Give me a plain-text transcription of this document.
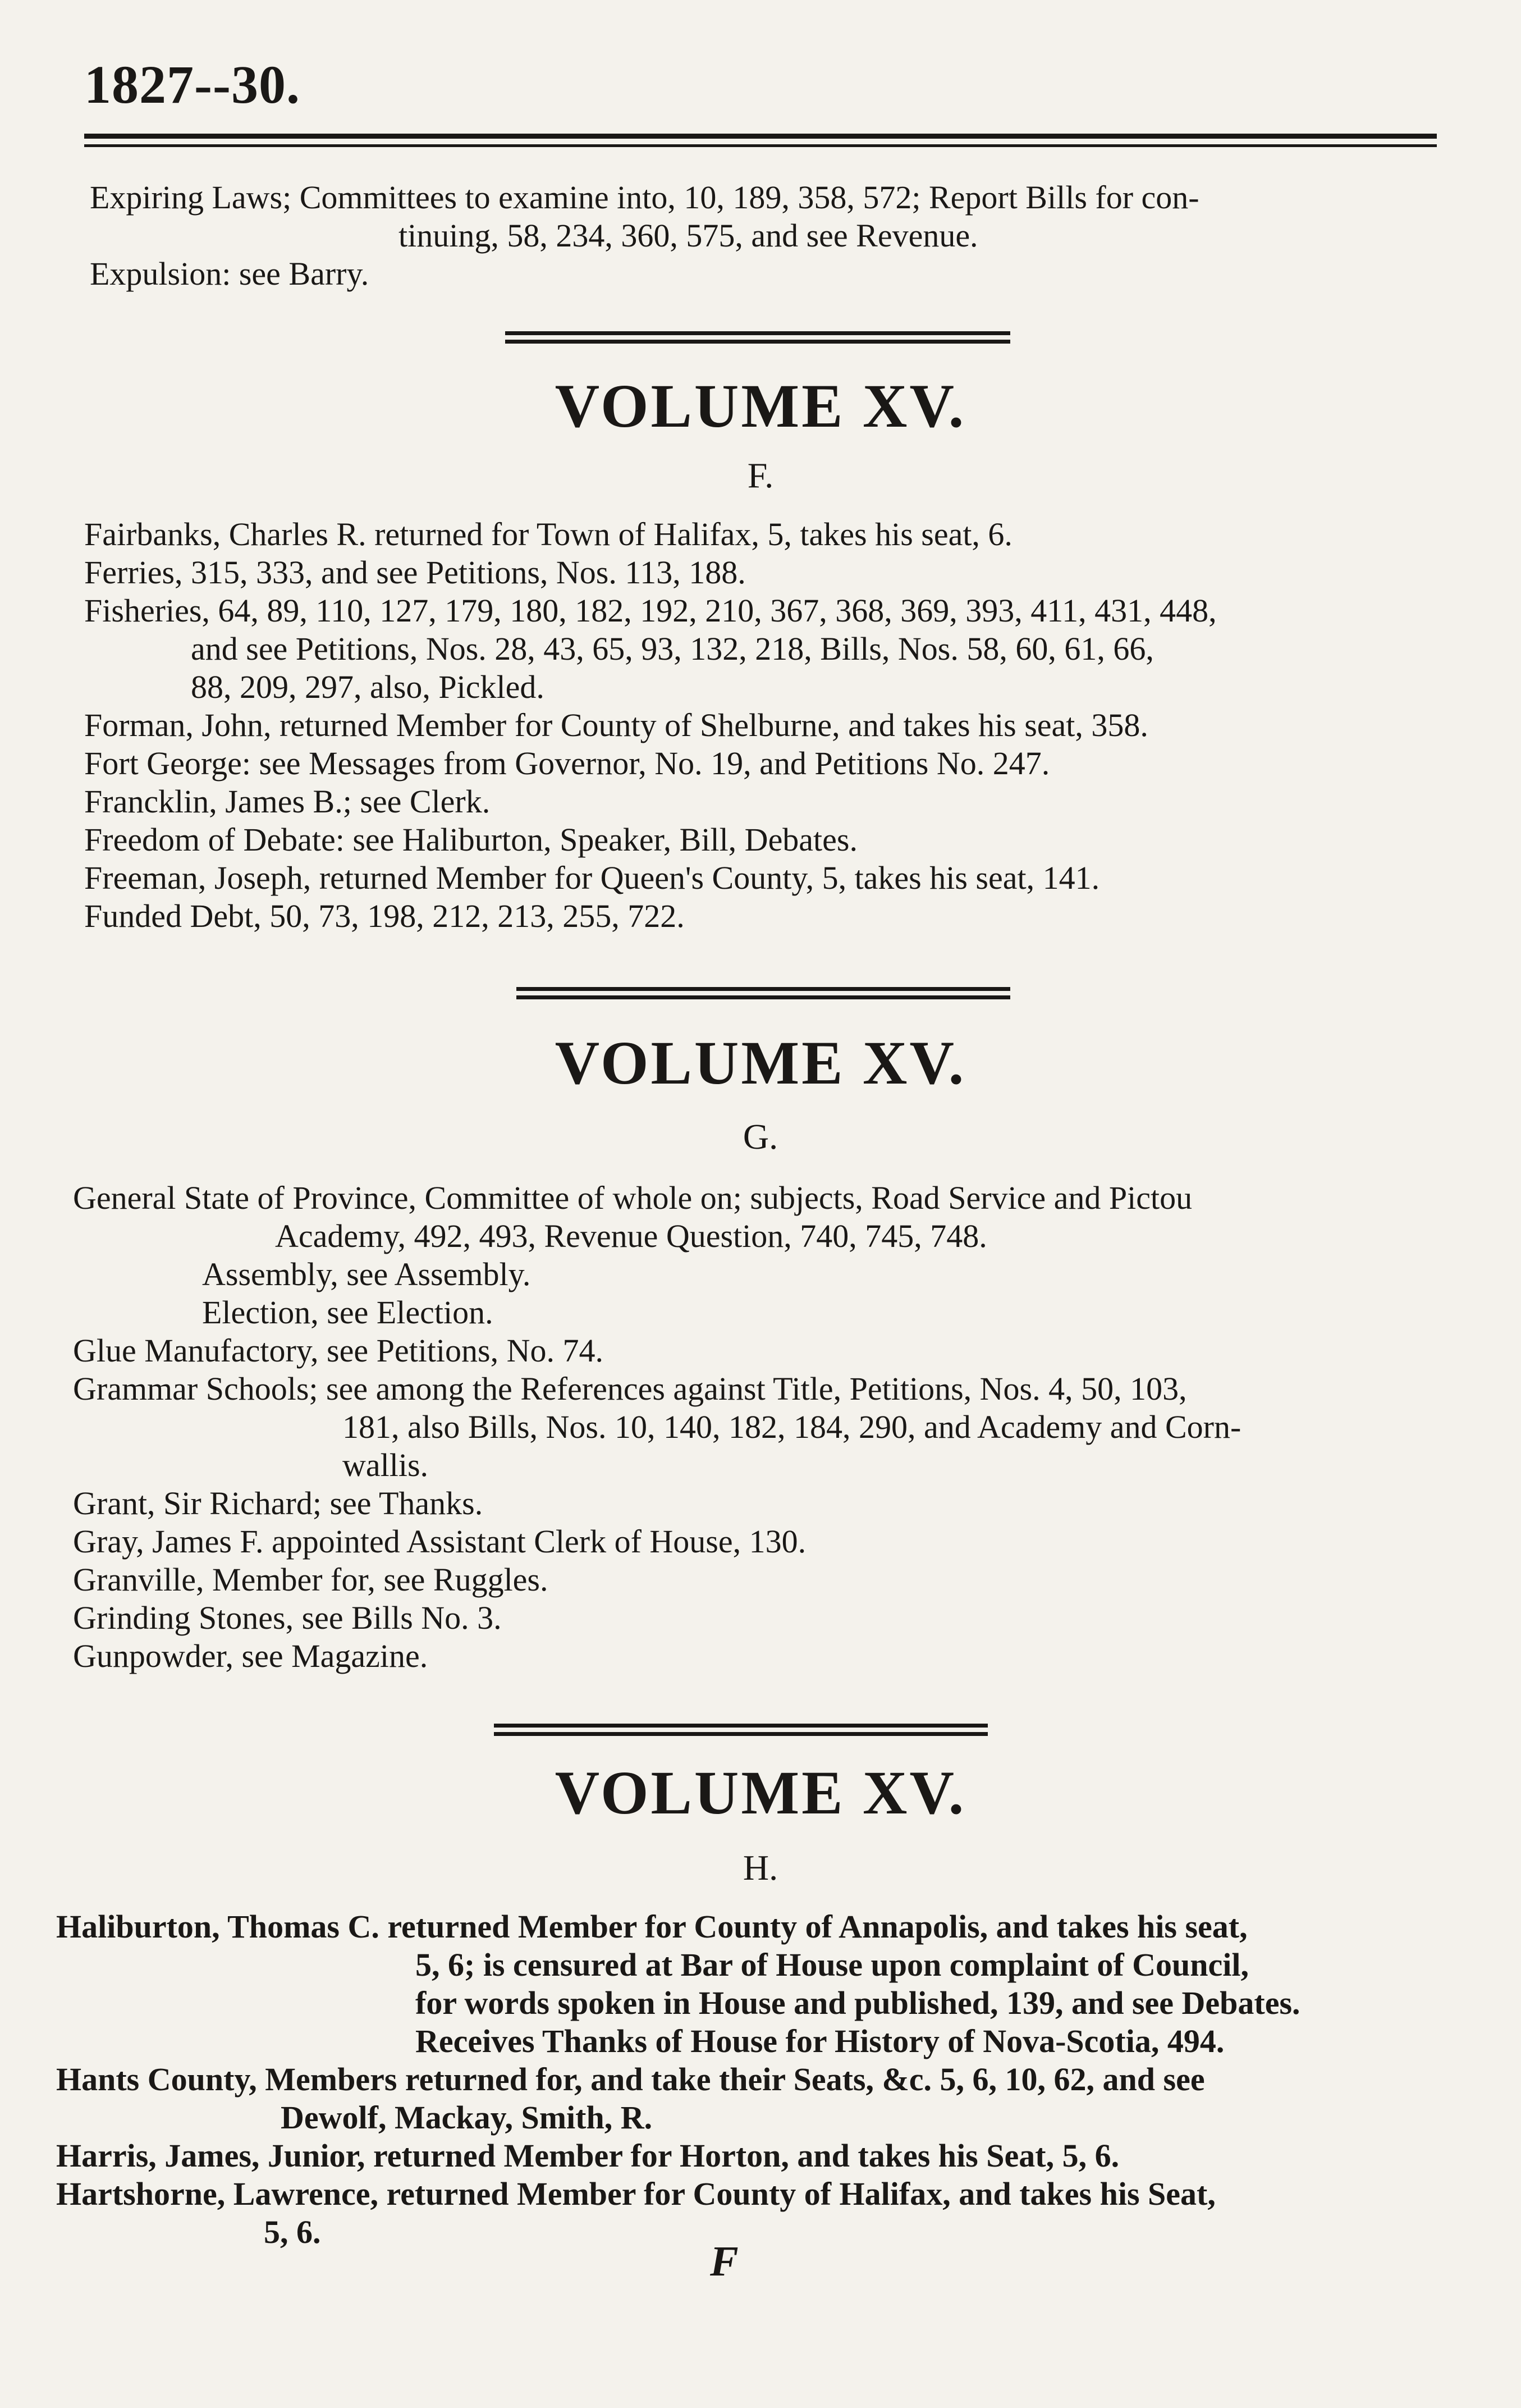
1827--30.
Expiring Laws; Committees to examine into, 10, 189, 358, 572; Report Bills for con-
tinuing, 58, 234, 360, 575, and see Revenue.
Expulsion: see Barry.
VOLUME XV.
F.
Fairbanks, Charles R. returned for Town of Halifax, 5, takes his seat, 6.
Ferries, 315, 333, and see Petitions, Nos. 113, 188.
Fisheries, 64, 89, 110, 127, 179, 180, 182, 192, 210, 367, 368, 369, 393, 411, 431, 448,
and see Petitions, Nos. 28, 43, 65, 93, 132, 218, Bills, Nos. 58, 60, 61, 66,
88, 209, 297, also, Pickled.
Forman, John, returned Member for County of Shelburne, and takes his seat, 358.
Fort George: see Messages from Governor, No. 19, and Petitions No. 247.
Francklin, James B.; see Clerk.
Freedom of Debate: see Haliburton, Speaker, Bill, Debates.
Freeman, Joseph, returned Member for Queen's County, 5, takes his seat, 141.
Funded Debt, 50, 73, 198, 212, 213, 255, 722.
VOLUME XV.
G.
General State of Province, Committee of whole on; subjects, Road Service and Pictou
Academy, 492, 493, Revenue Question, 740, 745, 748.
Assembly, see Assembly.
Election, see Election.
Glue Manufactory, see Petitions, No. 74.
Grammar Schools; see among the References against Title, Petitions, Nos. 4, 50, 103,
181, also Bills, Nos. 10, 140, 182, 184, 290, and Academy and Corn-
wallis.
Grant, Sir Richard; see Thanks.
Gray, James F. appointed Assistant Clerk of House, 130.
Granville, Member for, see Ruggles.
Grinding Stones, see Bills No. 3.
Gunpowder, see Magazine.
VOLUME XV.
H.
Haliburton, Thomas C. returned Member for County of Annapolis, and takes his seat,
5, 6; is censured at Bar of House upon complaint of Council,
for words spoken in House and published, 139, and see Debates.
Receives Thanks of House for History of Nova-Scotia, 494.
Hants County, Members returned for, and take their Seats, &c. 5, 6, 10, 62, and see
Dewolf, Mackay, Smith, R.
Harris, James, Junior, returned Member for Horton, and takes his Seat, 5, 6.
Hartshorne, Lawrence, returned Member for County of Halifax, and takes his Seat,
5, 6.
F
